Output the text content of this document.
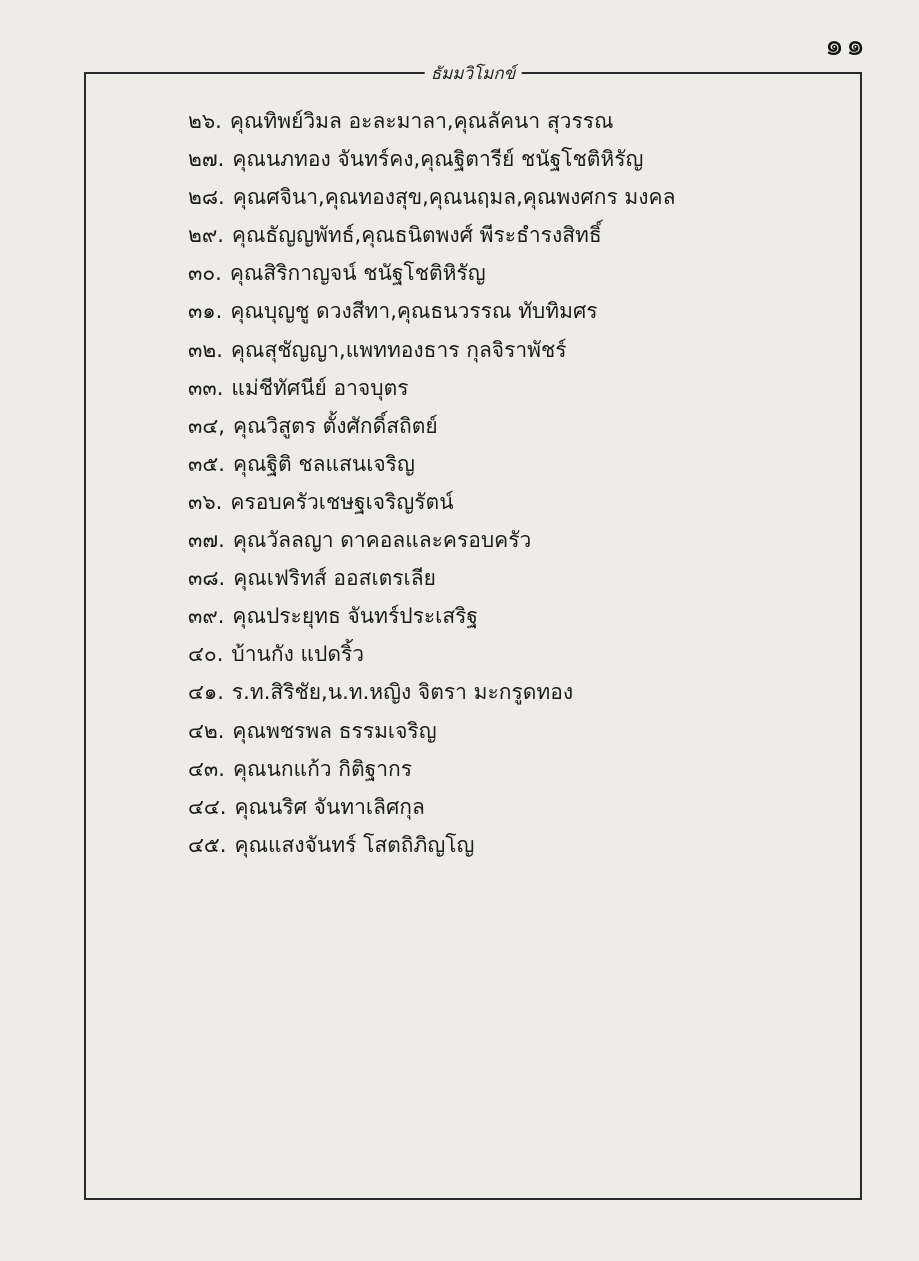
๑๑
ธัมมวิโมกข์
๒๖. คุณทิพย์วิมล อะละมาลา,คุณลัคนา สุวรรณ
๒๗. คุณนภทอง จันทร์คง,คุณฐิตารีย์ ชนัฐโชติหิรัญ
๒๘. คุณศจินา,คุณทองสุข,คุณนฤมล,คุณพงศกร มงคล
๒๙. คุณธัญญพัทธ์,คุณธนิตพงศ์ พีระธำรงสิทธิ์
๓๐. คุณสิริกาญจน์ ชนัฐโชติหิรัญ
๓๑. คุณบุญชู ดวงสีทา,คุณธนวรรณ ทับทิมศร
๓๒. คุณสุชัญญา,แพททองธาร กุลจิราพัชร์
๓๓. แม่ชีทัศนีย์ อาจบุตร
๓๔, คุณวิสูตร ตั้งศักดิ์สถิตย์
๓๕. คุณฐิติ ชลแสนเจริญ
๓๖. ครอบครัวเชษฐเจริญรัตน์
๓๗. คุณวัลลญา ดาคอลและครอบครัว
๓๘. คุณเฟริทส์ ออสเตรเลีย
๓๙. คุณประยุทธ จันทร์ประเสริฐ
๔๐. บ้านกัง แปดริ้ว
๔๑. ร.ท.สิริชัย,น.ท.หญิง จิตรา มะกรูดทอง
๔๒. คุณพชรพล ธรรมเจริญ
๔๓. คุณนกแก้ว กิติฐากร
๔๔. คุณนริศ จันทาเลิศกุล
๔๕. คุณแสงจันทร์ โสตถิภิญโญ
